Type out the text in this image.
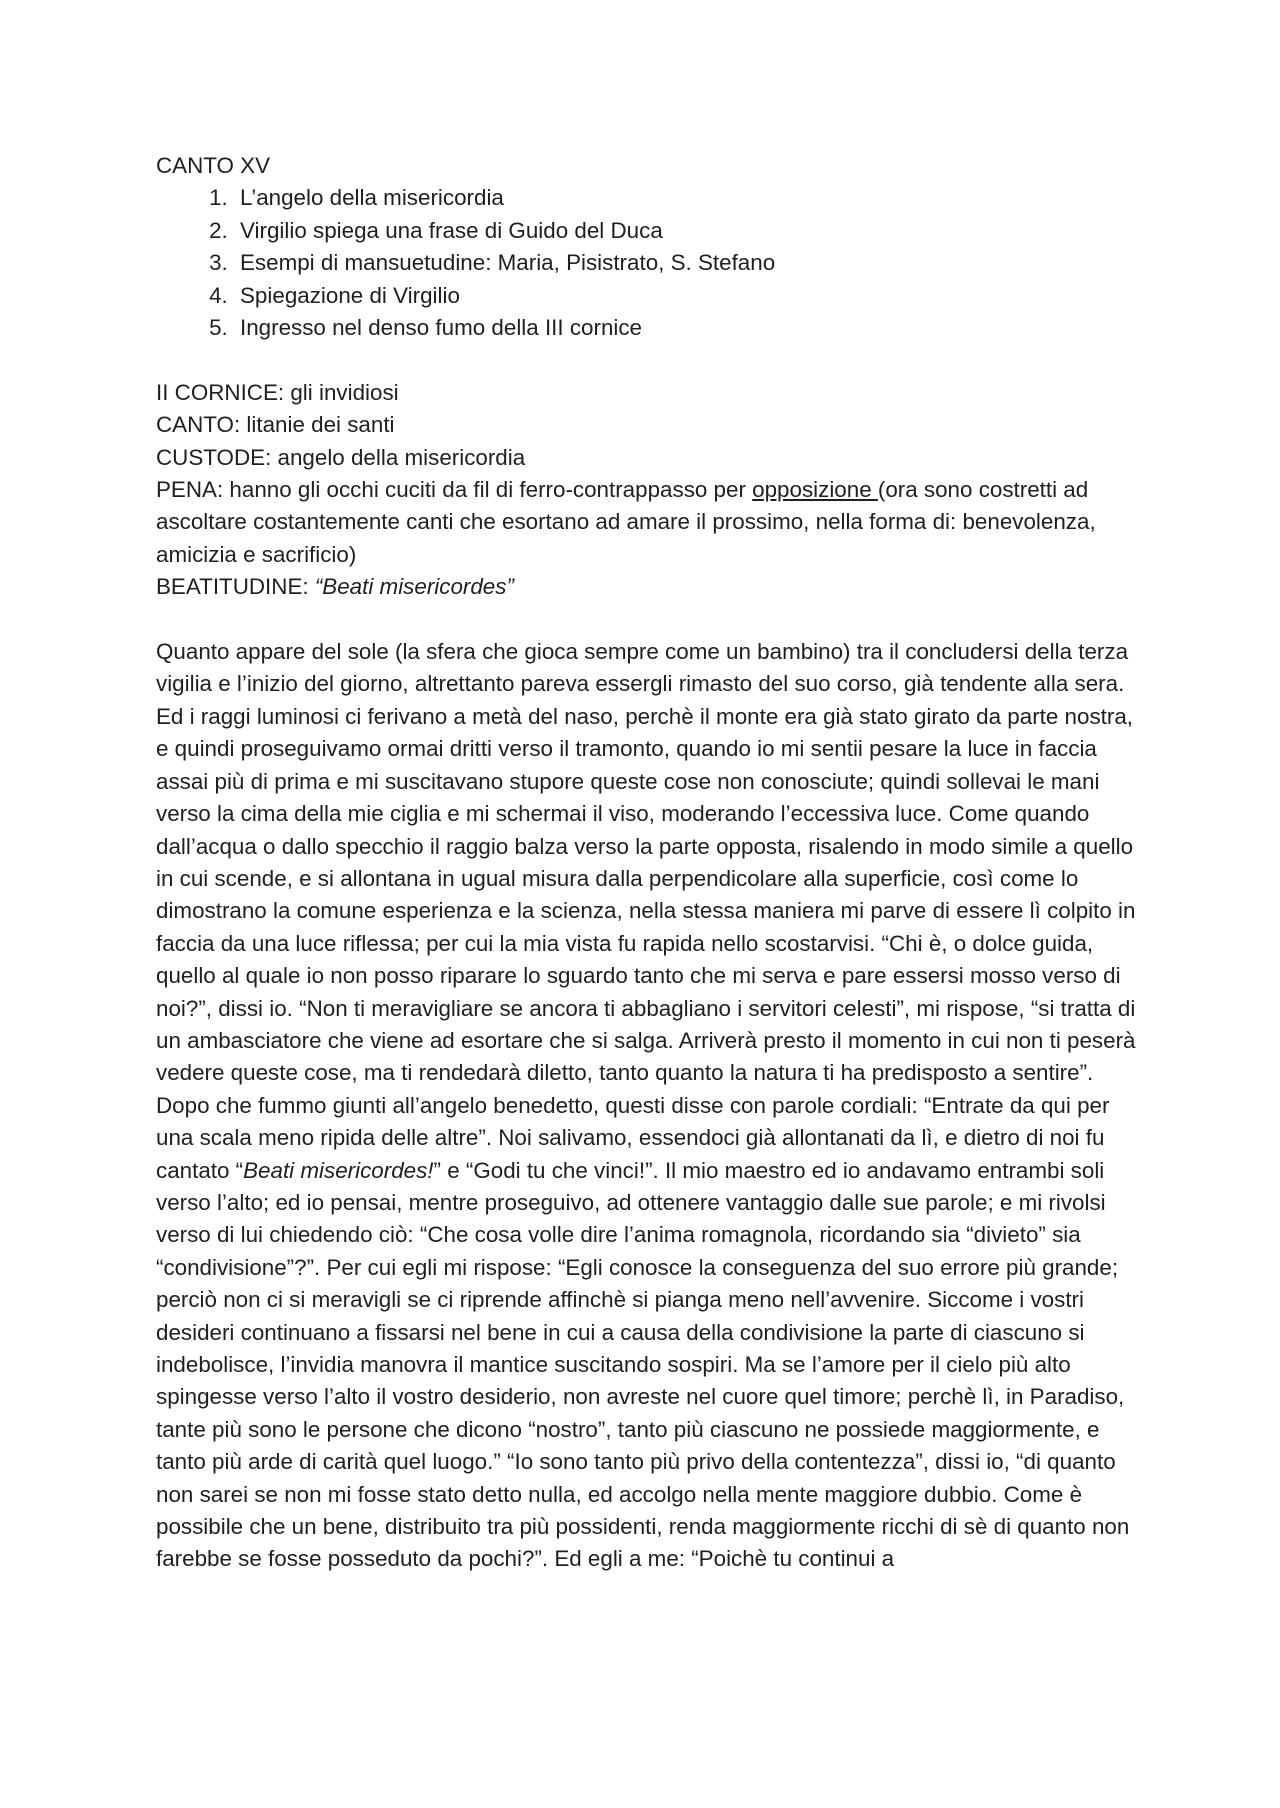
CANTO XV
1. L’angelo della misericordia
2. Virgilio spiega una frase di Guido del Duca
3. Esempi di mansuetudine: Maria, Pisistrato, S. Stefano
4. Spiegazione di Virgilio
5. Ingresso nel denso fumo della III cornice
II CORNICE: gli invidiosi
CANTO: litanie dei santi
CUSTODE: angelo della misericordia
PENA: hanno gli occhi cuciti da fil di ferro-contrappasso per opposizione (ora sono costretti ad ascoltare costantemente canti che esortano ad amare il prossimo, nella forma di: benevolenza, amicizia e sacrificio)
BEATITUDINE: “Beati misericordes”

Quanto appare del sole (la sfera che gioca sempre come un bambino) tra il concludersi della terza vigilia e l’inizio del giorno, altrettanto pareva essergli rimasto del suo corso, già tendente alla sera. Ed i raggi luminosi ci ferivano a metà del naso, perchè il monte era già stato girato da parte nostra, e quindi proseguivamo ormai dritti verso il tramonto, quando io mi sentii pesare la luce in faccia assai più di prima e mi suscitavano stupore queste cose non conosciute; quindi sollevai le mani verso la cima della mie ciglia e mi schermai il viso, moderando l’eccessiva luce. Come quando dall’acqua o dallo specchio il raggio balza verso la parte opposta, risalendo in modo simile a quello in cui scende, e si allontana in ugual misura dalla perpendicolare alla superficie, così come lo dimostrano la comune esperienza e la scienza, nella stessa maniera mi parve di essere lì colpito in faccia da una luce riflessa; per cui la mia vista fu rapida nello scostarvisi. “Chi è, o dolce guida, quello al quale io non posso riparare lo sguardo tanto che mi serva e pare essersi mosso verso di noi?”, dissi io. “Non ti meravigliare se ancora ti abbagliano i servitori celesti”, mi rispose, “si tratta di un ambasciatore che viene ad esortare che si salga. Arriverà presto il momento in cui non ti peserà vedere queste cose, ma ti rendedarà diletto, tanto quanto la natura ti ha predisposto a sentire”. Dopo che fummo giunti all’angelo benedetto, questi disse con parole cordiali: “Entrate da qui per una scala meno ripida delle altre”. Noi salivamo, essendoci già allontanati da lì, e dietro di noi fu cantato “Beati misericordes!” e “Godi tu che vinci!”. Il mio maestro ed io andavamo entrambi soli verso l’alto; ed io pensai, mentre proseguivo, ad ottenere vantaggio dalle sue parole; e mi rivolsi verso di lui chiedendo ciò: “Che cosa volle dire l’anima romagnola, ricordando sia “divieto” sia “condivisione”?”. Per cui egli mi rispose: “Egli conosce la conseguenza del suo errore più grande; perciò non ci si meravigli se ci riprende affinchè si pianga meno nell’avvenire. Siccome i vostri desideri continuano a fissarsi nel bene in cui a causa della condivisione la parte di ciascuno si indebolisce, l’invidia manovra il mantice suscitando sospiri. Ma se l’amore per il cielo più alto spingesse verso l’alto il vostro desiderio, non avreste nel cuore quel timore; perchè lì, in Paradiso, tante più sono le persone che dicono “nostro”, tanto più ciascuno ne possiede maggiormente, e tanto più arde di carità quel luogo.” “Io sono tanto più privo della contentezza”, dissi io, “di quanto non sarei se non mi fosse stato detto nulla, ed accolgo nella mente maggiore dubbio. Come è possibile che un bene, distribuito tra più possidenti, renda maggiormente ricchi di sè di quanto non farebbe se fosse posseduto da pochi?”. Ed egli a me: “Poichè tu continui a
